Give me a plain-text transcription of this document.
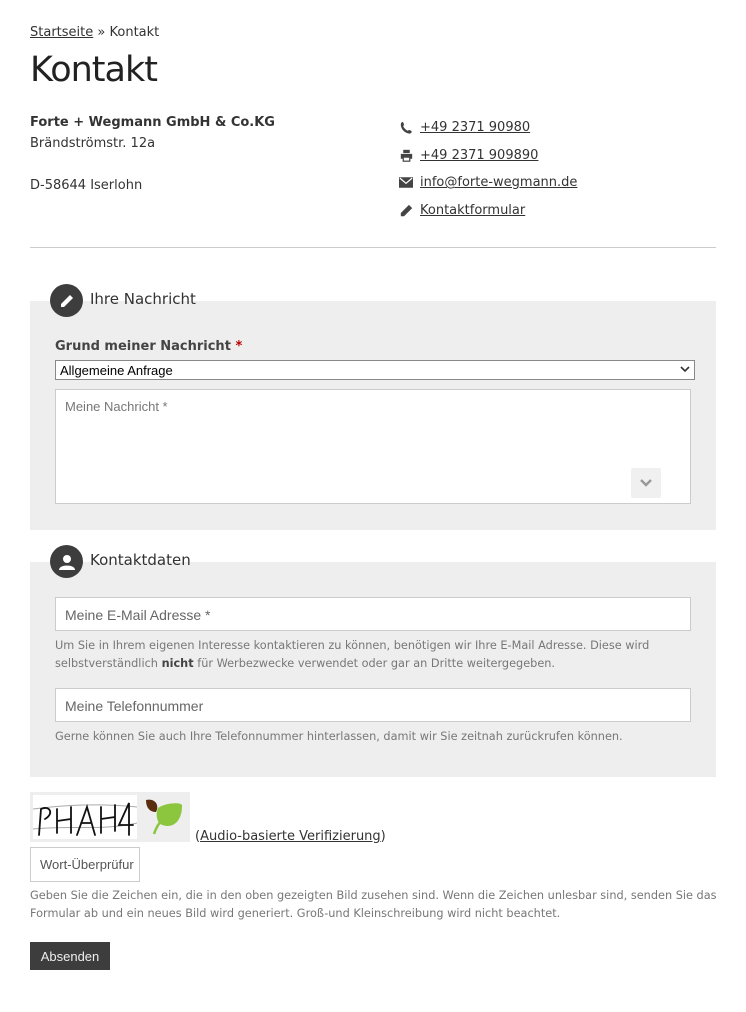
Startseite » Kontakt
Kontakt
Forte + Wegmann GmbH & Co.KG
Brändströmstr. 12a
D-58644 Iserlohn
+49 2371 90980
+49 2371 909890
info@forte-wegmann.de
Kontaktformular
Ihre Nachricht
Grund meiner Nachricht *
Allgemeine Anfrage
Meine Nachricht *
Kontaktdaten
Meine E-Mail Adresse *
Um Sie in Ihrem eigenen Interesse kontaktieren zu können, benötigen wir Ihre E-Mail Adresse. Diese wird selbstverständlich nicht für Werbezwecke verwendet oder gar an Dritte weitergegeben.
Meine Telefonnummer
Gerne können Sie auch Ihre Telefonnummer hinterlassen, damit wir Sie zeitnah zurückrufen können.
(Audio-basierte Verifizierung)
Wort-Überprüfur
Geben Sie die Zeichen ein, die in den oben gezeigten Bild zusehen sind. Wenn die Zeichen unlesbar sind, senden Sie das Formular ab und ein neues Bild wird generiert. Groß-und Kleinschreibung wird nicht beachtet.
Absenden
